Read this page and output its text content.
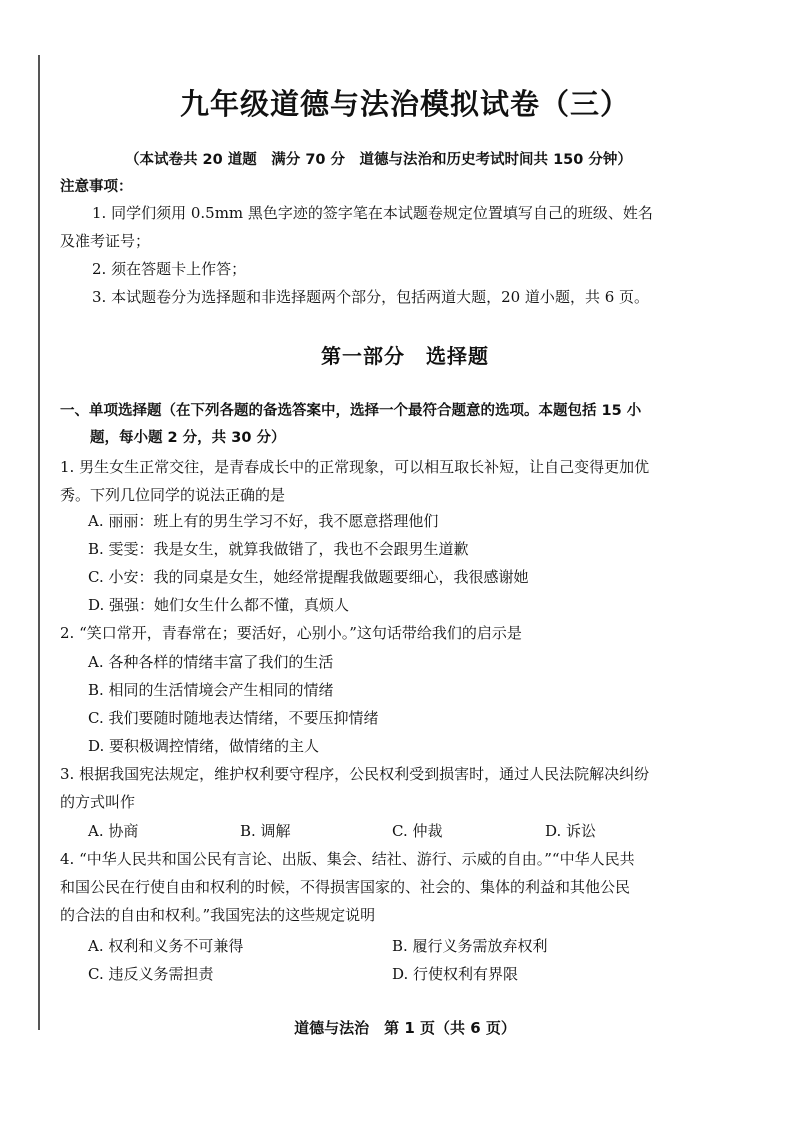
九年级道德与法治模拟试卷（三）
（本试卷共 20 道题　满分 70 分　道德与法治和历史考试时间共 150 分钟）
注意事项：
1. 同学们须用 0.5mm 黑色字迹的签字笔在本试题卷规定位置填写自己的班级、姓名
及准考证号；
2. 须在答题卡上作答；
3. 本试题卷分为选择题和非选择题两个部分，包括两道大题，20 道小题，共 6 页。
第一部分　选择题
一、单项选择题（在下列各题的备选答案中，选择一个最符合题意的选项。本题包括 15 小
题，每小题 2 分，共 30 分）
1. 男生女生正常交往，是青春成长中的正常现象，可以相互取长补短，让自己变得更加优
秀。下列几位同学的说法正确的是
A. 丽丽：班上有的男生学习不好，我不愿意搭理他们
B. 雯雯：我是女生，就算我做错了，我也不会跟男生道歉
C. 小安：我的同桌是女生，她经常提醒我做题要细心，我很感谢她
D. 强强：她们女生什么都不懂，真烦人
2. “笑口常开，青春常在；要活好，心别小。”这句话带给我们的启示是
A. 各种各样的情绪丰富了我们的生活
B. 相同的生活情境会产生相同的情绪
C. 我们要随时随地表达情绪，不要压抑情绪
D. 要积极调控情绪，做情绪的主人
3. 根据我国宪法规定，维护权利要守程序，公民权利受到损害时，通过人民法院解决纠纷
的方式叫作
A. 协商	B. 调解	C. 仲裁	D. 诉讼
4. “中华人民共和国公民有言论、出版、集会、结社、游行、示威的自由。”“中华人民共
和国公民在行使自由和权利的时候，不得损害国家的、社会的、集体的利益和其他公民
的合法的自由和权利。”我国宪法的这些规定说明
A. 权利和义务不可兼得	B. 履行义务需放弃权利
C. 违反义务需担责	D. 行使权利有界限
道德与法治　第 1 页（共 6 页）
